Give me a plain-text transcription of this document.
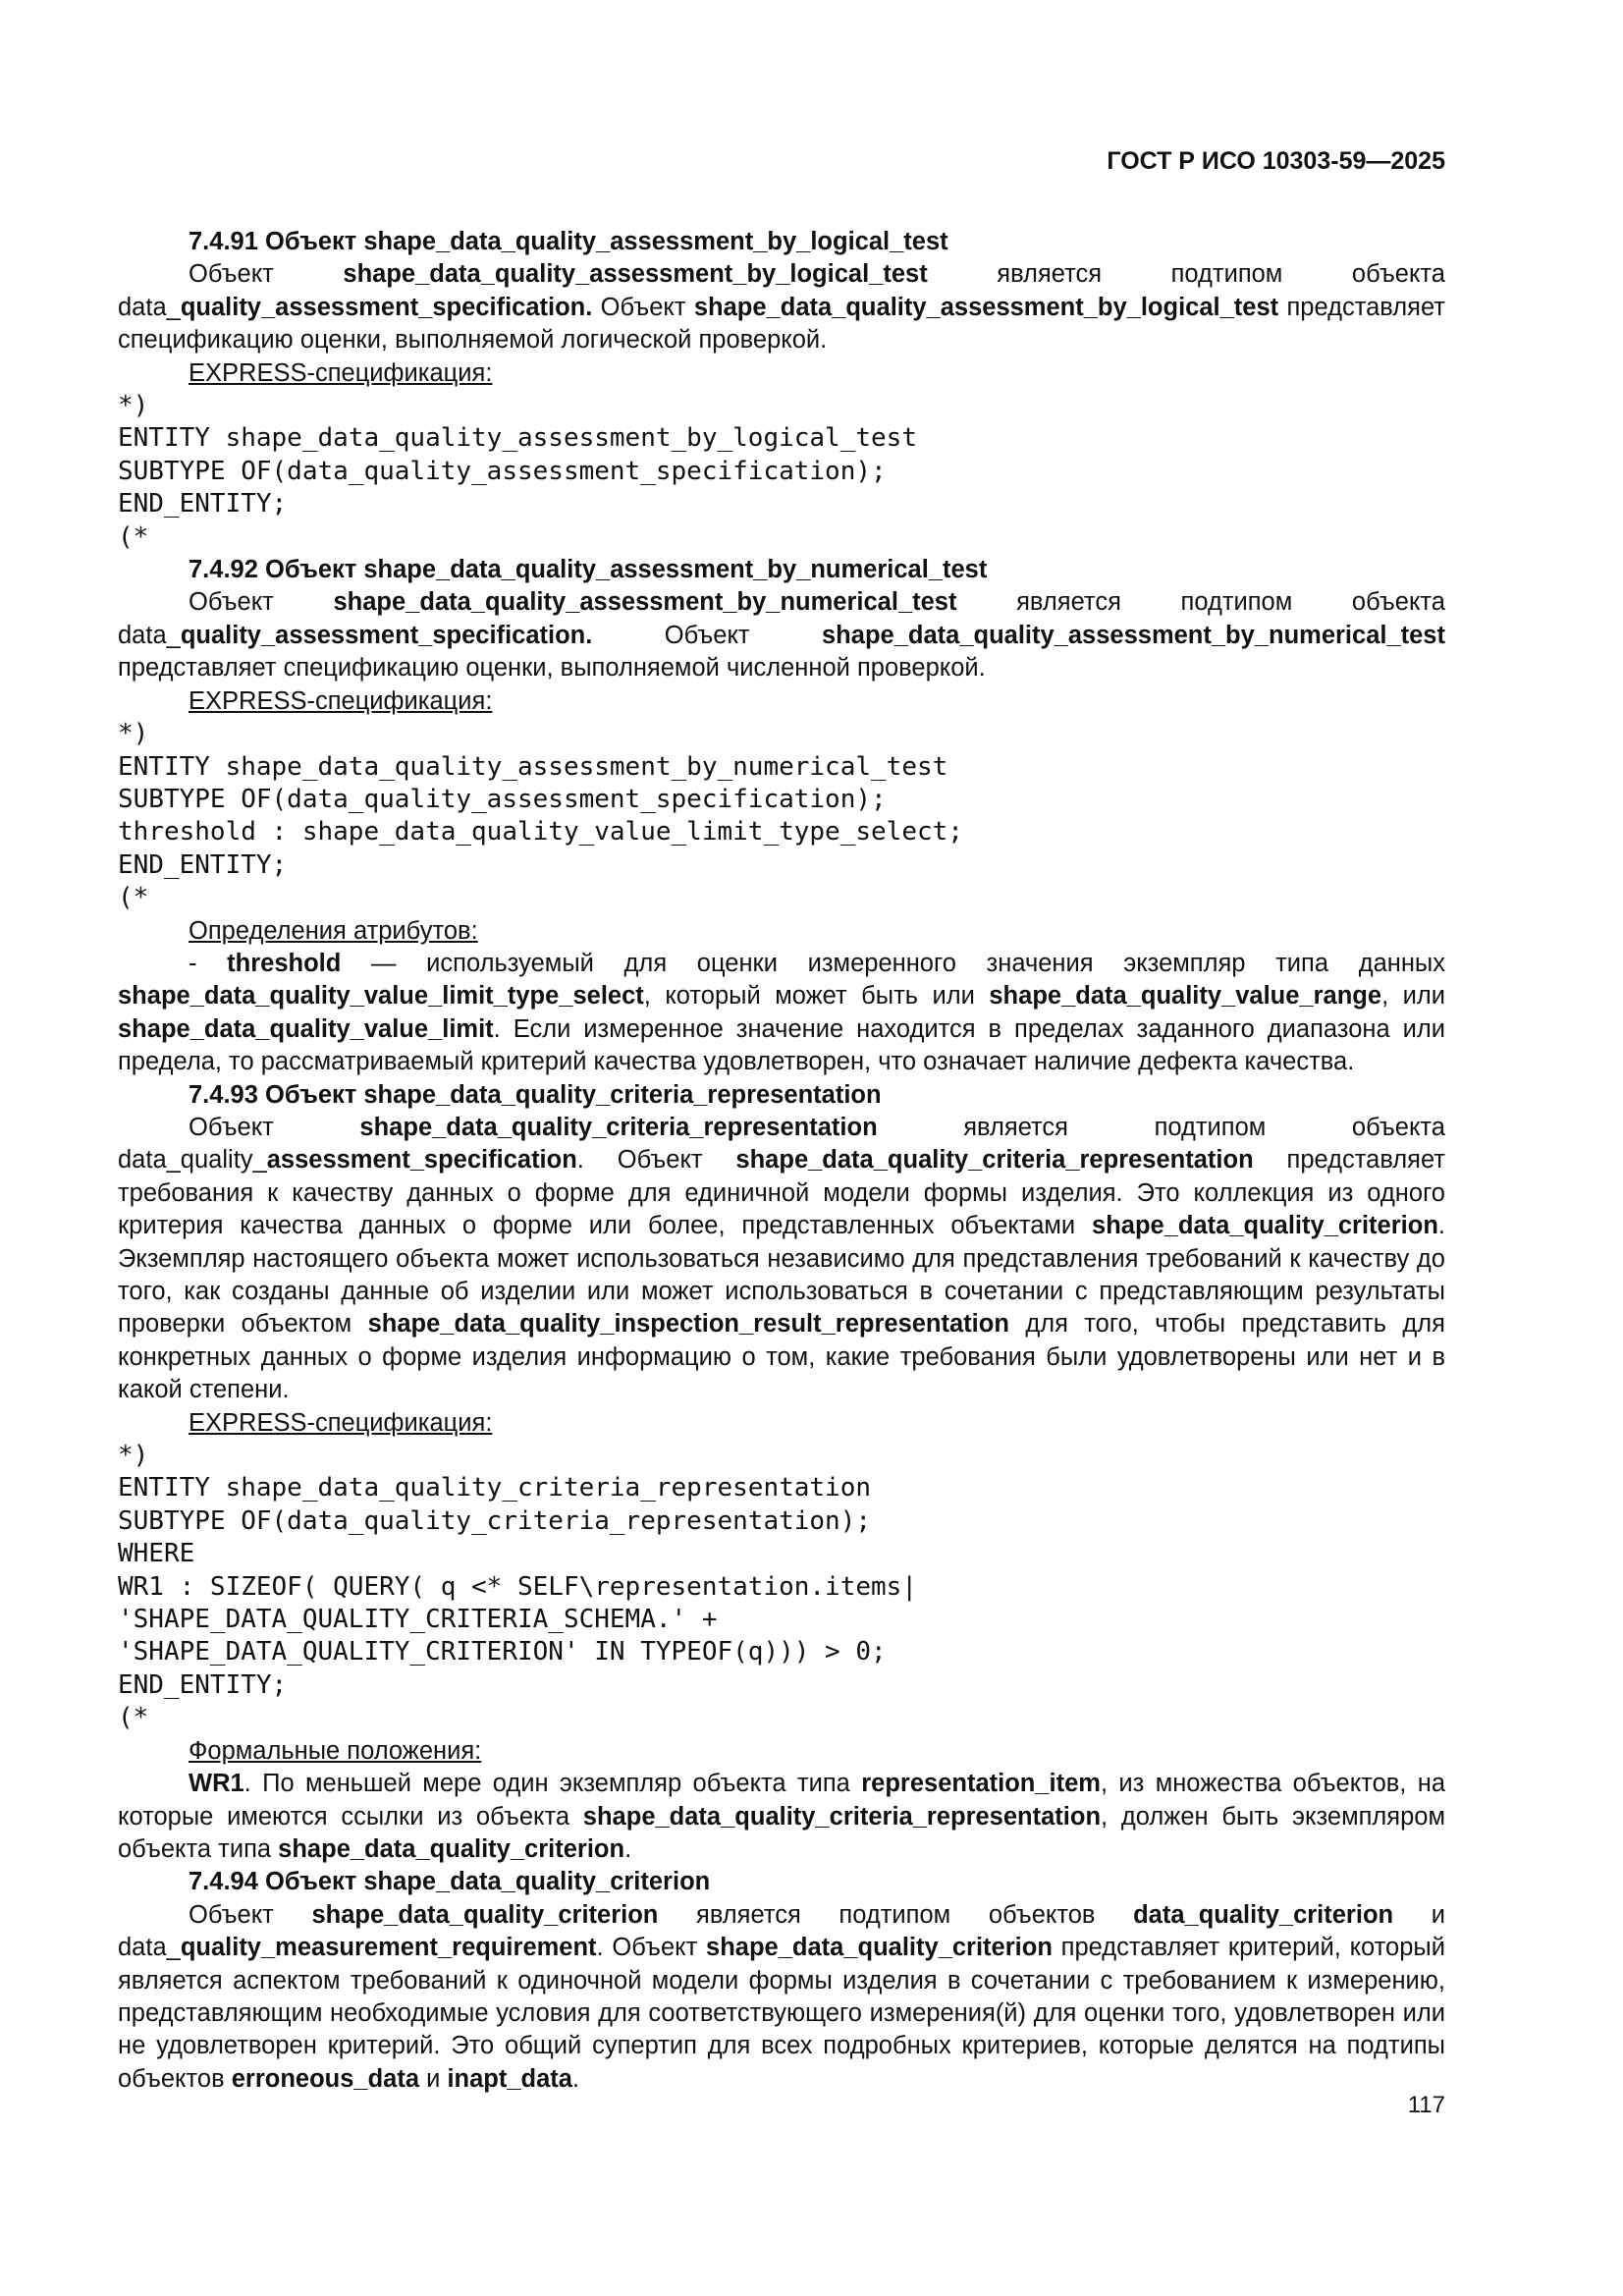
ГОСТ Р ИСО 10303-59—2025

7.4.91 Объект shape_data_quality_assessment_by_logical_test

Объект shape_data_quality_assessment_by_logical_test является подтипом объекта data_quality_assessment_specification. Объект shape_data_quality_assessment_by_logical_test представляет спецификацию оценки, выполняемой логической проверкой.

EXPRESS-спецификация:

*)
ENTITY shape_data_quality_assessment_by_logical_test
SUBTYPE OF(data_quality_assessment_specification);
END_ENTITY;
(*

7.4.92 Объект shape_data_quality_assessment_by_numerical_test

Объект shape_data_quality_assessment_by_numerical_test является подтипом объекта data_quality_assessment_specification. Объект shape_data_quality_assessment_by_numerical_test представляет спецификацию оценки, выполняемой численной проверкой.

EXPRESS-спецификация:

*)
ENTITY shape_data_quality_assessment_by_numerical_test
SUBTYPE OF(data_quality_assessment_specification);
threshold : shape_data_quality_value_limit_type_select;
END_ENTITY;
(*

Определения атрибутов:

- threshold — используемый для оценки измеренного значения экземпляр типа данных shape_data_quality_value_limit_type_select, который может быть или shape_data_quality_value_range, или shape_data_quality_value_limit. Если измеренное значение находится в пределах заданного диапазона или предела, то рассматриваемый критерий качества удовлетворен, что означает наличие дефекта качества.

7.4.93 Объект shape_data_quality_criteria_representation

Объект shape_data_quality_criteria_representation является подтипом объекта data_quality_assessment_specification. Объект shape_data_quality_criteria_representation представляет требования к качеству данных о форме для единичной модели формы изделия. Это коллекция из одного критерия качества данных о форме или более, представленных объектами shape_data_quality_criterion. Экземпляр настоящего объекта может использоваться независимо для представления требований к качеству до того, как созданы данные об изделии или может использоваться в сочетании с представляющим результаты проверки объектом shape_data_quality_inspection_result_representation для того, чтобы представить для конкретных данных о форме изделия информацию о том, какие требования были удовлетворены или нет и в какой степени.

EXPRESS-спецификация:

*)
ENTITY shape_data_quality_criteria_representation
SUBTYPE OF(data_quality_criteria_representation);
WHERE
WR1 : SIZEOF( QUERY( q <* SELF\representation.items|
'SHAPE_DATA_QUALITY_CRITERIA_SCHEMA.' +
'SHAPE_DATA_QUALITY_CRITERION' IN TYPEOF(q))) > 0;
END_ENTITY;
(*

Формальные положения:

WR1. По меньшей мере один экземпляр объекта типа representation_item, из множества объектов, на которые имеются ссылки из объекта shape_data_quality_criteria_representation, должен быть экземпляром объекта типа shape_data_quality_criterion.

7.4.94 Объект shape_data_quality_criterion

Объект shape_data_quality_criterion является подтипом объектов data_quality_criterion и data_quality_measurement_requirement. Объект shape_data_quality_criterion представляет критерий, который является аспектом требований к одиночной модели формы изделия в сочетании с требованием к измерению, представляющим необходимые условия для соответствующего измерения(й) для оценки того, удовлетворен или не удовлетворен критерий. Это общий супертип для всех подробных критериев, которые делятся на подтипы объектов erroneous_data и inapt_data.

117
